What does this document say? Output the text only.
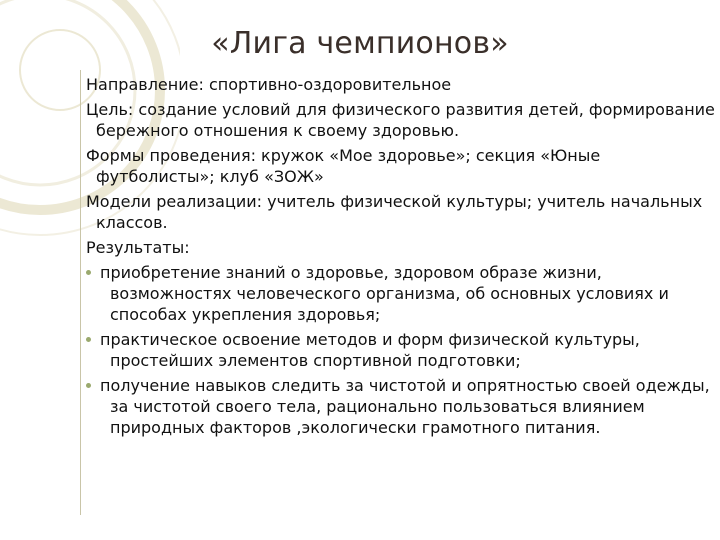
«Лига чемпионов»

Направление: спортивно-оздоровительное

Цель: создание условий для физического развития детей, формирование бережного отношения к своему здоровью.

Формы проведения: кружок «Мое здоровье»; секция «Юные футболисты»; клуб «ЗОЖ»

Модели реализации: учитель физической культуры; учитель начальных классов.

Результаты:

приобретение знаний о здоровье, здоровом образе жизни, возможностях человеческого организма, об основных условиях и способах укрепления здоровья;
практическое освоение методов и форм физической культуры, простейших элементов спортивной подготовки;
получение навыков следить за чистотой и опрятностью своей одежды, за чистотой своего тела, рационально пользоваться влиянием природных факторов ,экологически грамотного питания.
